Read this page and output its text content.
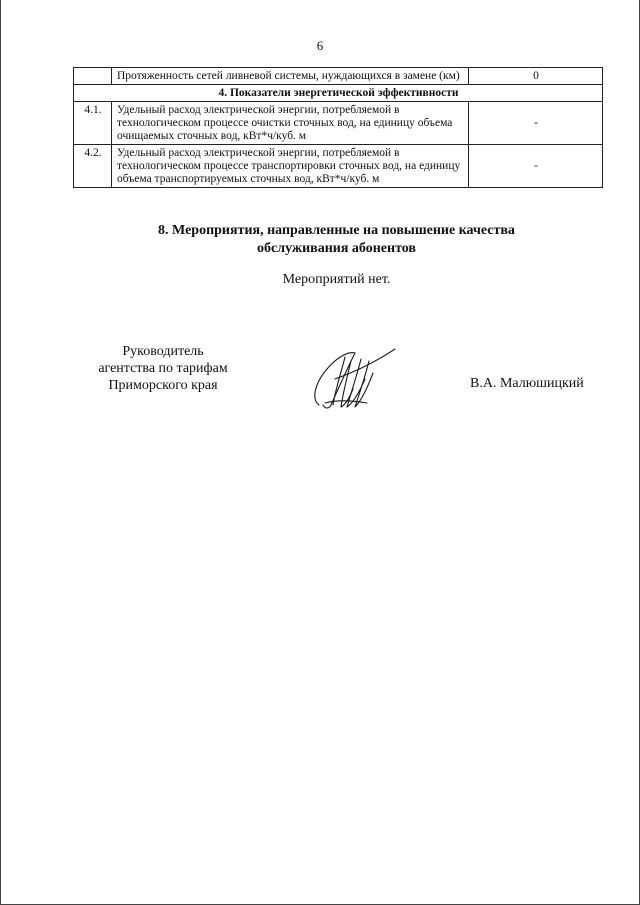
6
	Протяженность сетей ливневой системы, нуждающихся в замене (км)	0
4. Показатели энергетической эффективности		
4.1.	Удельный расход электрической энергии, потребляемой в технологическом процессе очистки сточных вод, на единицу объема очищаемых сточных вод, кВт*ч/куб. м	-
4.2.	Удельный расход электрической энергии, потребляемой в технологическом процессе транспортировки сточных вод, на единицу объема транспортируемых сточных вод, кВт*ч/куб. м	-
8. Мероприятия, направленные на повышение качества
обслуживания абонентов
Мероприятий нет.
Руководитель
агентства по тарифам
Приморского края	В.А. Малюшицкий
